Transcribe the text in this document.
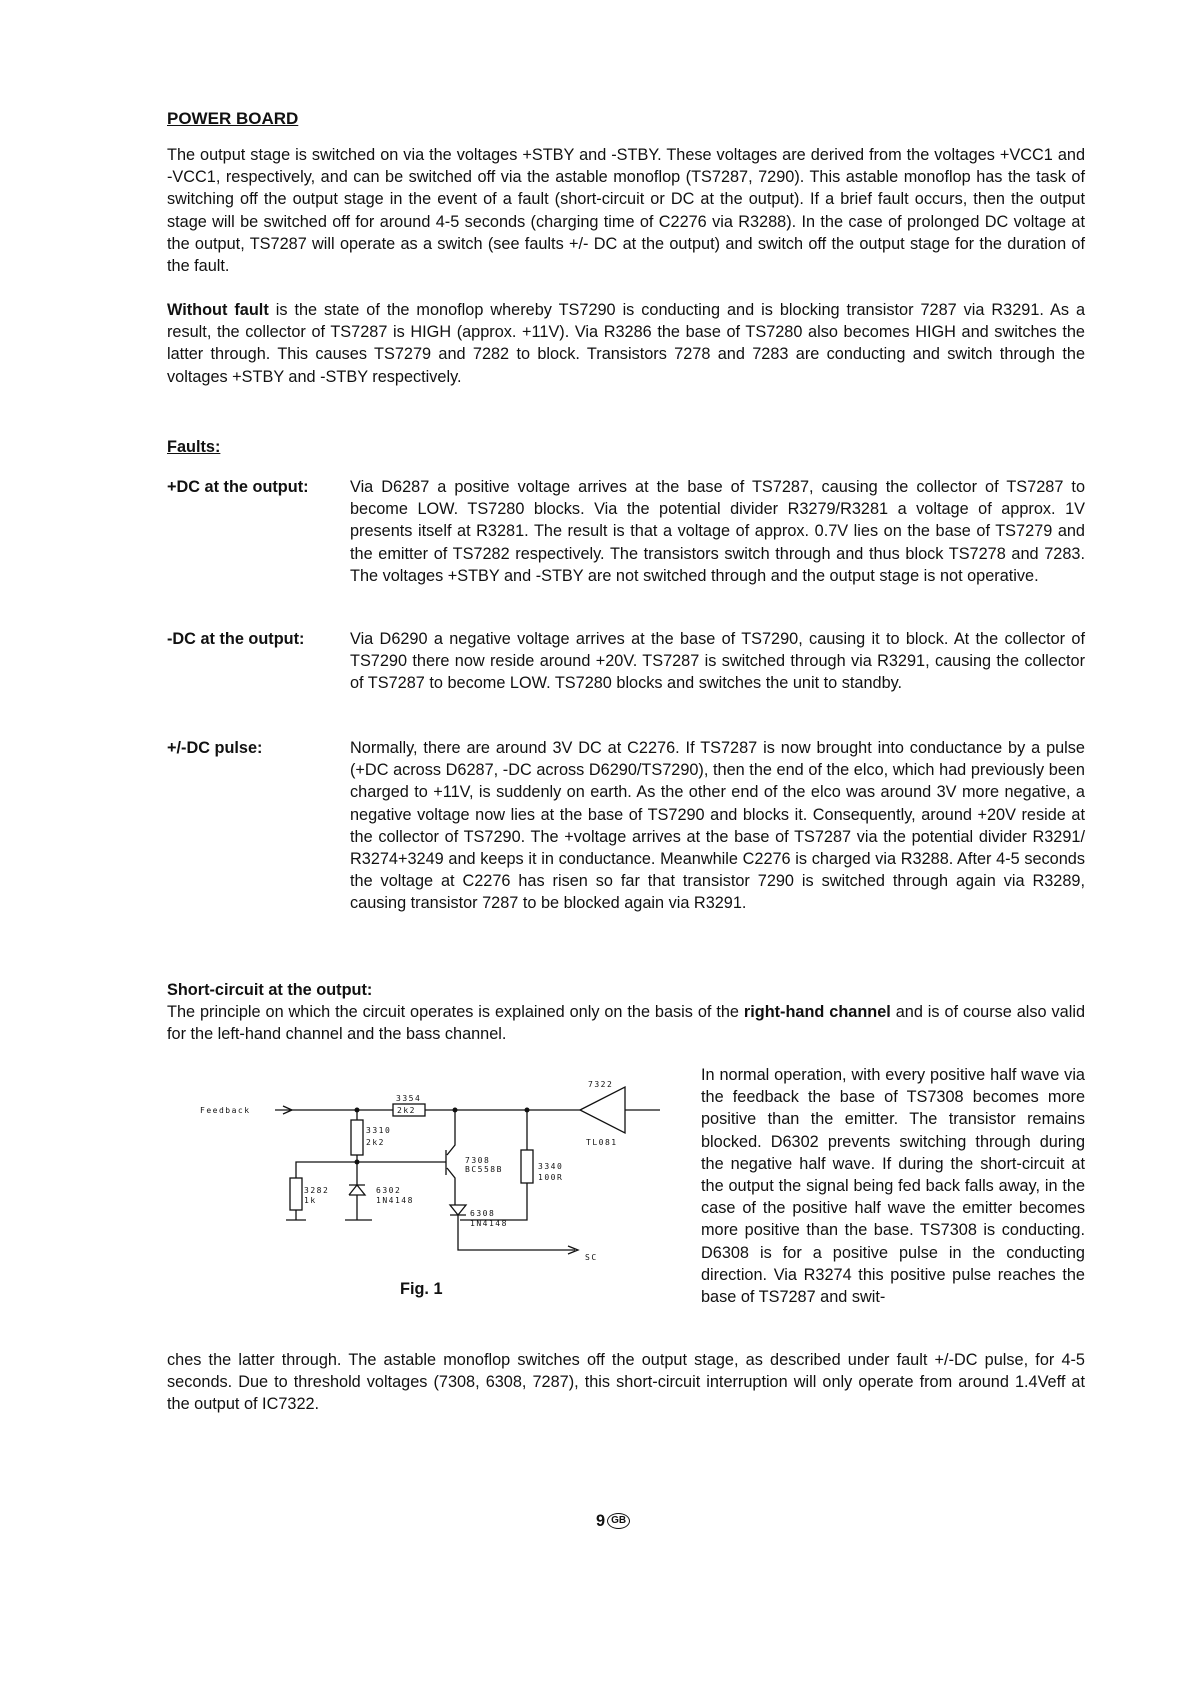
POWER BOARD

The output stage is switched on via the voltages +STBY and -STBY. These voltages are derived from the voltages +VCC1 and -VCC1, respectively, and can be switched off via the astable monoflop (TS7287, 7290). This astable monoflop has the task of switching off the output stage in the event of a fault (short-circuit or DC at the output). If a brief fault occurs, then the output stage will be switched off for around 4-5 seconds (charging time of C2276 via R3288). In the case of prolonged DC voltage at the output, TS7287 will operate as a switch (see faults +/- DC at the output) and switch off the output stage for the duration of the fault.

Without fault is the state of the monoflop whereby TS7290 is conducting and is blocking transistor 7287 via R3291. As a result, the collector of TS7287 is HIGH (approx. +11V). Via R3286 the base of TS7280 also becomes HIGH and switches the latter through. This causes TS7279 and 7282 to block. Transistors 7278 and 7283 are conducting and switch through the voltages +STBY and -STBY respectively.

Faults:
+DC at the output:	Via D6287 a positive voltage arrives at the base of TS7287, causing the collector of TS7287 to become LOW. TS7280 blocks. Via the potential divider R3279/R3281 a voltage of approx. 1V presents itself at R3281. The result is that a voltage of approx. 0.7V lies on the base of TS7279 and the emitter of TS7282 respectively. The transistors switch through and thus block TS7278 and 7283. The voltages +STBY and -STBY are not switched through and the output stage is not operative.

-DC at the output:	Via D6290 a negative voltage arrives at the base of TS7290, causing it to block. At the collector of TS7290 there now reside around +20V. TS7287 is switched through via R3291, causing the collector of TS7287 to become LOW. TS7280 blocks and switches the unit to standby.

+/-DC pulse:	Normally, there are around 3V DC at C2276. If TS7287 is now brought into conductance by a pulse (+DC across D6287, -DC across D6290/TS7290), then the end of the elco, which had previously been charged to +11V, is suddenly on earth. As the other end of the elco was around 3V more negative, a negative voltage now lies at the base of TS7290 and blocks it. Consequently, around +20V reside at the collector of TS7290. The +voltage arrives at the base of TS7287 via the potential divider R3291/ R3274+3249 and keeps it in conductance. Meanwhile C2276 is charged via R3288. After 4-5 seconds the voltage at C2276 has risen so far that transistor 7290 is switched through again via R3289, causing transistor 7287 to be blocked again via R3291.

Short-circuit at the output:

The principle on which the circuit operates is explained only on the basis of the right-hand channel and is of course also valid for the left-hand channel and the bass channel.

In normal operation, with every positive half wave via the feedback the base of TS7308 becomes more positive than the emitter. The transistor remains blocked. D6302 prevents switching through during the negative half wave. If during the short-circuit at the output the signal being fed back falls away, in the case of the positive half wave the emitter becomes more positive than the base. TS7308 is conducting. D6308 is for a positive pulse in the conducting direction. Via R3274 this positive pulse reaches the base of TS7287 and swit-

ches the latter through. The astable monoflop switches off the output stage, as described under fault +/-DC pulse, for 4-5 seconds. Due to threshold voltages (7308, 6308, 7287), this short-circuit interruption will only operate from around 1.4Veff at the output of IC7322.

Feedback
3354
2k2
3310
2k2
7308
BC558B	3340
100R
3282
1k
6302
1N4148
6308
1N4148
7322
TL081
SC
Fig. 1
9 GB
